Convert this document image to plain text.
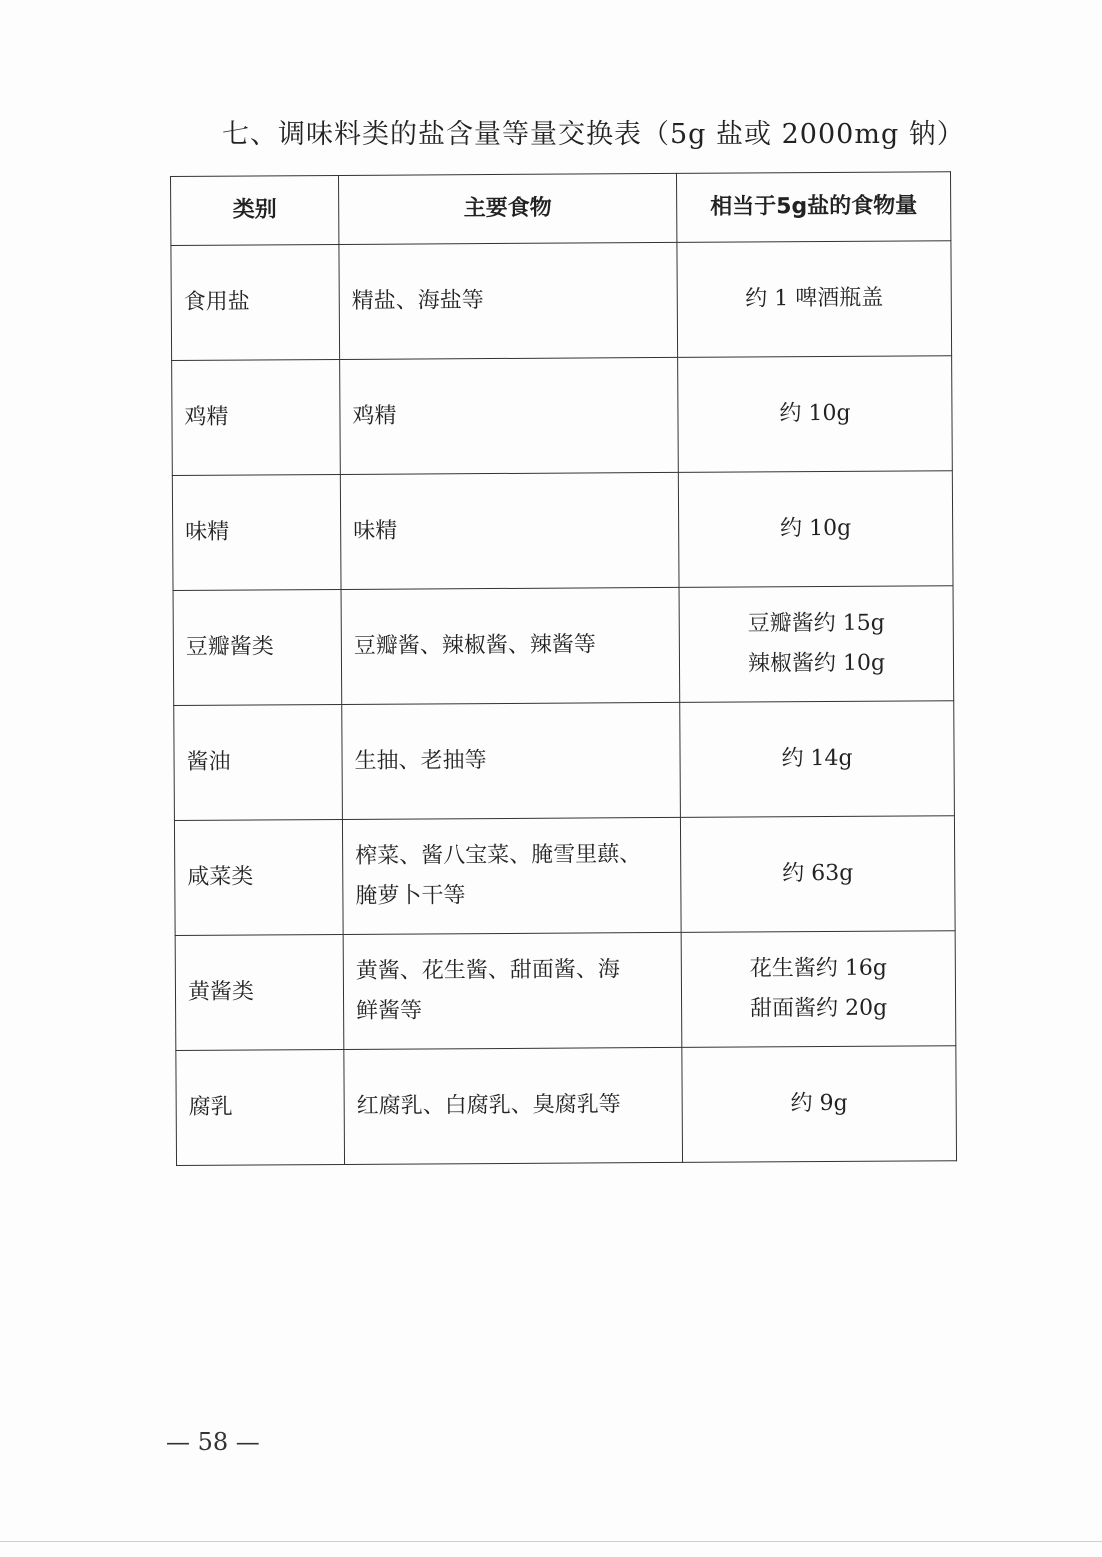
七、调味料类的盐含量等量交换表（5g 盐或 2000mg 钠）
类别	主要食物	相当于5g盐的食物量
食用盐	精盐、海盐等	约 1 啤酒瓶盖

鸡精	鸡精	约 10g

味精	味精	约 10g

豆瓣酱类	豆瓣酱、辣椒酱、辣酱等	豆瓣酱约 15g
辣椒酱约 10g

酱油	生抽、老抽等	约 14g

咸菜类	榨菜、酱八宝菜、腌雪里蕻、
腌萝卜干等	约 63g

黄酱类	黄酱、花生酱、甜面酱、海
鲜酱等	花生酱约 16g
甜面酱约 20g

腐乳	红腐乳、白腐乳、臭腐乳等	约 9g
— 58 —
